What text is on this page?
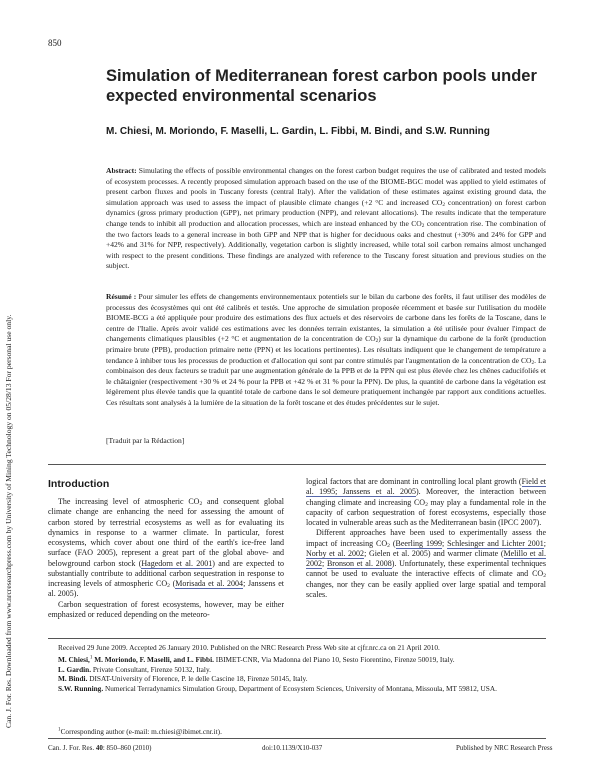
850
Can. J. For. Res. Downloaded from www.nrcresearchpress.com by University of Mining Technology on 05/28/13 For personal use only.
Simulation of Mediterranean forest carbon pools under expected environmental scenarios
M. Chiesi, M. Moriondo, F. Maselli, L. Gardin, L. Fibbi, M. Bindi, and S.W. Running
Abstract: Simulating the effects of possible environmental changes on the forest carbon budget requires the use of calibrated and tested models of ecosystem processes. A recently proposed simulation approach based on the use of the BIOME-BGC model was applied to yield estimates of present carbon fluxes and pools in Tuscany forests (central Italy). After the validation of these estimates against existing ground data, the simulation approach was used to assess the impact of plausible climate changes (+2 °C and increased $CO_2$ concentration) on forest carbon dynamics (gross primary production (GPP), net primary production (NPP), and relevant allocations). The results indicate that the temperature change tends to inhibit all production and allocation processes, which are instead enhanced by the $CO_2$ concentration rise. The combination of the two factors leads to a general increase in both GPP and NPP that is higher for deciduous oaks and chestnut (+30% and 24% for GPP and +42% and 31% for NPP, respectively). Additionally, vegetation carbon is slightly increased, while total soil carbon remains almost unchanged with respect to the present conditions. These findings are analyzed with reference to the Tuscany forest situation and previous studies on the subject.
Résumé : Pour simuler les effets de changements environnementaux potentiels sur le bilan du carbone des forêts, il faut utiliser des modèles de processus des écosystèmes qui ont été calibrés et testés. Une approche de simulation proposée récemment et basée sur l'utilisation du modèle BIOME-BCG a été appliquée pour produire des estimations des flux actuels et des réservoirs de carbone dans les forêts de la Toscane, dans le centre de l'Italie. Après avoir validé ces estimations avec les données terrain existantes, la simulation a été utilisée pour évaluer l'impact de changements climatiques plausibles (+2 °C et augmentation de la concentration de $CO_2$) sur la dynamique du carbone de la forêt (production primaire brute (PPB), production primaire nette (PPN) et les locations pertinentes). Les résultats indiquent que le changement de température a tendance à inhiber tous les processus de production et d'allocation qui sont par contre stimulés par l'augmentation de la concentration de $CO_2$. La combinaison des deux facteurs se traduit par une augmentation générale de la PPB et de la PPN qui est plus élevée chez les chênes caducifoliés et le châtaignier (respectivement +30 % et 24 % pour la PPB et +42 % et 31 % pour la PPN). De plus, la quantité de carbone dans la végétation est légèrement plus élevée tandis que la quantité totale de carbone dans le sol demeure pratiquement inchangée par rapport aux conditions actuelles. Ces résultats sont analysés à la lumière de la situation de la forêt toscane et des études précédentes sur le sujet.
[Traduit par la Rédaction]
Introduction

The increasing level of atmospheric $CO_2$ and consequent global climate change are enhancing the need for assessing the amount of carbon stored by terrestrial ecosystems as well as for evaluating its dynamics in response to a warmer climate. In particular, forest ecosystems, which cover about one third of the earth's ice-free land surface (FAO 2005), represent a great part of the global above- and belowground carbon stock (Hagedorn et al. 2001) and are expected to substantially contribute to additional carbon sequestration in response to increasing levels of atmospheric $CO_2$ (Morisada et al. 2004; Janssens et al. 2005).

Carbon sequestration of forest ecosystems, however, may be either emphasized or reduced depending on the meteoro-

logical factors that are dominant in controlling local plant growth (Field et al. 1995; Janssens et al. 2005). Moreover, the interaction between changing climate and increasing $CO_2$ may play a fundamental role in the capacity of carbon sequestration of forest ecosystems, especially those located in vulnerable areas such as the Mediterranean basin (IPCC 2007).

Different approaches have been used to experimentally assess the impact of increasing $CO_2$ (Beerling 1999; Schlesinger and Lichter 2001; Norby et al. 2002; Gielen et al. 2005) and warmer climate (Melillo et al. 2002; Bronson et al. 2008). Unfortunately, these experimental techniques cannot be used to evaluate the interactive effects of climate and $CO_2$ changes, nor they can be easily applied over large spatial and temporal scales.

Received 29 June 2009. Accepted 26 January 2010. Published on the NRC Research Press Web site at cjfr.nrc.ca on 21 April 2010.

M. Chiesi,$^1$ M. Moriondo, F. Maselli, and L. Fibbi. IBIMET-CNR, Via Madonna del Piano 10, Sesto Fiorentino, Firenze 50019, Italy.

L. Gardin. Private Consultant, Firenze 50132, Italy.

M. Bindi. DISAT-University of Florence, P. le delle Cascine 18, Firenze 50145, Italy.

S.W. Running. Numerical Terradynamics Simulation Group, Department of Ecosystem Sciences, University of Montana, Missoula, MT 59812, USA.

$^1$Corresponding author (e-mail: m.chiesi@ibimet.cnr.it).
Can. J. For. Res. 40: 850–860 (2010)	doi:10.1139/X10-037	Published by NRC Research Press
